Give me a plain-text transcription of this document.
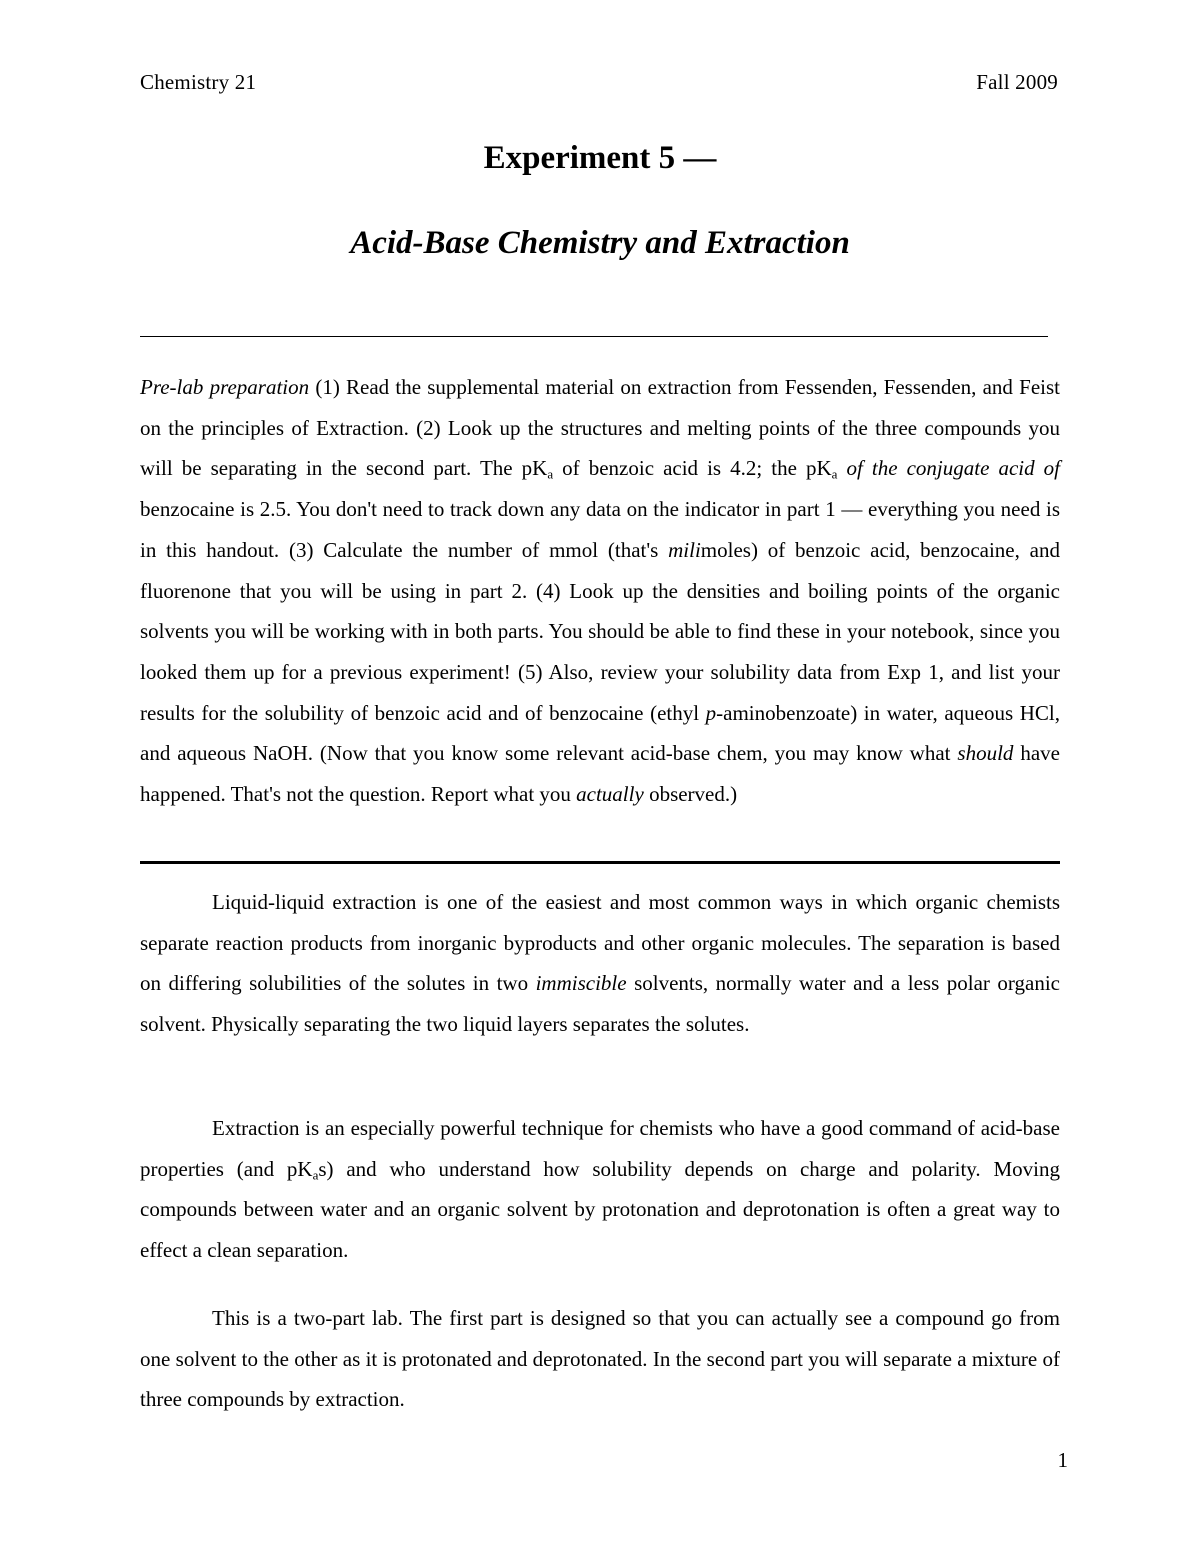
Chemistry 21	Fall 2009
Experiment 5 —
Acid-Base Chemistry and Extraction
Pre-lab preparation (1) Read the supplemental material on extraction from Fessenden, Fessenden, and Feist on the principles of Extraction. (2) Look up the structures and melting points of the three compounds you will be separating in the second part. The $pK_a$ of benzoic acid is 4.2; the $pK_a$ of the conjugate acid of benzocaine is 2.5. You don't need to track down any data on the indicator in part 1 — everything you need is in this handout. (3) Calculate the number of mmol (that's milimoles) of benzoic acid, benzocaine, and fluorenone that you will be using in part 2. (4) Look up the densities and boiling points of the organic solvents you will be working with in both parts. You should be able to find these in your notebook, since you looked them up for a previous experiment! (5) Also, review your solubility data from Exp 1, and list your results for the solubility of benzoic acid and of benzocaine (ethyl p-aminobenzoate) in water, aqueous HCl, and aqueous NaOH. (Now that you know some relevant acid-base chem, you may know what should have happened. That's not the question. Report what you actually observed.)
Liquid-liquid extraction is one of the easiest and most common ways in which organic chemists separate reaction products from inorganic byproducts and other organic molecules. The separation is based on differing solubilities of the solutes in two immiscible solvents, normally water and a less polar organic solvent. Physically separating the two liquid layers separates the solutes.
Extraction is an especially powerful technique for chemists who have a good command of acid-base properties (and $pK_as$) and who understand how solubility depends on charge and polarity. Moving compounds between water and an organic solvent by protonation and deprotonation is often a great way to effect a clean separation.
This is a two-part lab. The first part is designed so that you can actually see a compound go from one solvent to the other as it is protonated and deprotonated. In the second part you will separate a mixture of three compounds by extraction.
1
